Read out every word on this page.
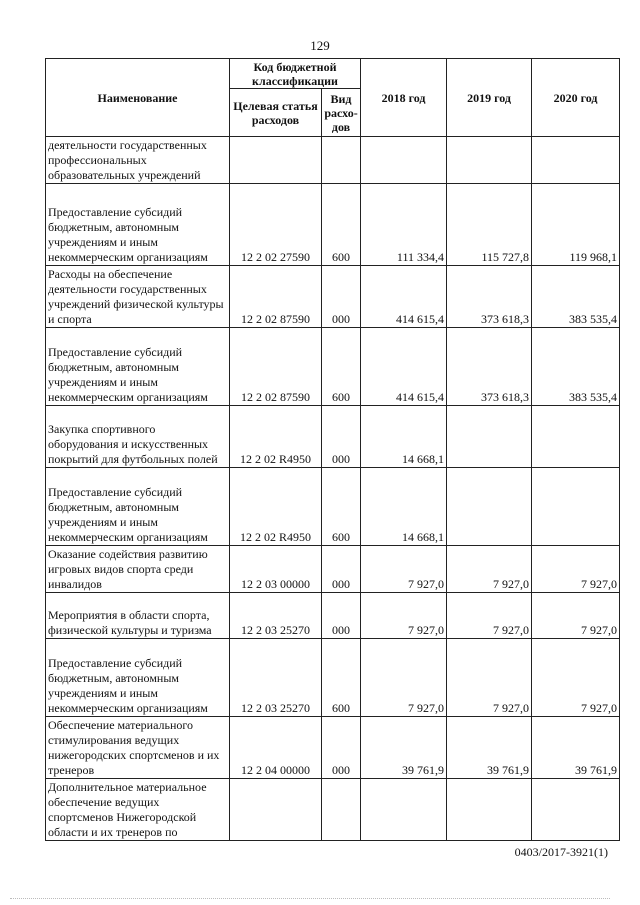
129
Наименование	Код бюджетной классификации		2018 год	2019 год	2020 год
	Целевая статья расходов	Вид расхо-дов			
деятельности государственных профессиональных образовательных учреждений					
Предоставление субсидий бюджетным, автономным учреждениям и иным некоммерческим организациям	12 2 02 27590	600	111 334,4	115 727,8	119 968,1
Расходы на обеспечение деятельности государственных учреждений физической культуры и спорта	12 2 02 87590	000	414 615,4	373 618,3	383 535,4
Предоставление субсидий бюджетным, автономным учреждениям и иным некоммерческим организациям	12 2 02 87590	600	414 615,4	373 618,3	383 535,4
Закупка спортивного оборудования и искусственных покрытий для футбольных полей	12 2 02 R4950	000	14 668,1		
Предоставление субсидий бюджетным, автономным учреждениям и иным некоммерческим организациям	12 2 02 R4950	600	14 668,1		
Оказание содействия развитию игровых видов спорта среди инвалидов	12 2 03 00000	000	7 927,0	7 927,0	7 927,0
Мероприятия в области спорта, физической культуры и туризма	12 2 03 25270	000	7 927,0	7 927,0	7 927,0
Предоставление субсидий бюджетным, автономным учреждениям и иным некоммерческим организациям	12 2 03 25270	600	7 927,0	7 927,0	7 927,0
Обеспечение материального стимулирования ведущих нижегородских спортсменов и их тренеров	12 2 04 00000	000	39 761,9	39 761,9	39 761,9
Дополнительное материальное обеспечение ведущих спортсменов Нижегородской области и их тренеров по					
0403/2017-3921(1)
